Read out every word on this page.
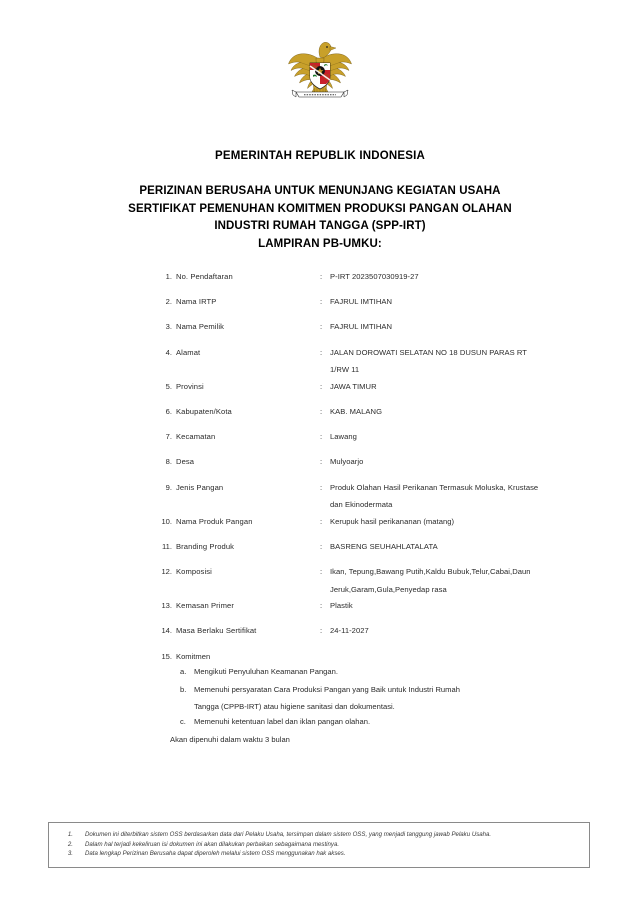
PEMERINTAH REPUBLIK INDONESIA
PERIZINAN BERUSAHA UNTUK MENUNJANG KEGIATAN USAHA
SERTIFIKAT PEMENUHAN KOMITMEN PRODUKSI PANGAN OLAHAN
INDUSTRI RUMAH TANGGA (SPP-IRT)
LAMPIRAN PB-UMKU:
1. No. Pendaftaran	: P-IRT 2023507030919-27
2. Nama IRTP	: FAJRUL IMTIHAN
3. Nama Pemilik	: FAJRUL IMTIHAN
4. Alamat	: JALAN DOROWATI SELATAN NO 18 DUSUN PARAS RT
1/RW 11
5. Provinsi	: JAWA TIMUR
6. Kabupaten/Kota	: KAB. MALANG
7. Kecamatan	: Lawang
8. Desa	: Mulyoarjo
9. Jenis Pangan	: Produk Olahan Hasil Perikanan Termasuk Moluska, Krustase
dan Ekinodermata
10. Nama Produk Pangan	: Kerupuk hasil perikananan (matang)
11. Branding Produk	: BASRENG SEUHAHLATALATA
12. Komposisi	: Ikan, Tepung,Bawang Putih,Kaldu Bubuk,Telur,Cabai,Daun
Jeruk,Garam,Gula,Penyedap rasa
13. Kemasan Primer	: Plastik
14. Masa Berlaku Sertifikat	: 24-11-2027
15. Komitmen
a. Mengikuti Penyuluhan Keamanan Pangan.
b. Memenuhi persyaratan Cara Produksi Pangan yang Baik untuk Industri Rumah
Tangga (CPPB-IRT) atau higiene sanitasi dan dokumentasi.
c. Memenuhi ketentuan label dan iklan pangan olahan.
Akan dipenuhi dalam waktu 3 bulan
1. Dokumen ini diterbitkan sistem OSS berdasarkan data dari Pelaku Usaha, tersimpan dalam sistem OSS, yang menjadi tanggung jawab Pelaku Usaha.
2. Dalam hal terjadi kekeliruan isi dokumen ini akan dilakukan perbaikan sebagaimana mestinya.
3. Data lengkap Perizinan Berusaha dapat diperoleh melalui sistem OSS menggunakan hak akses.
